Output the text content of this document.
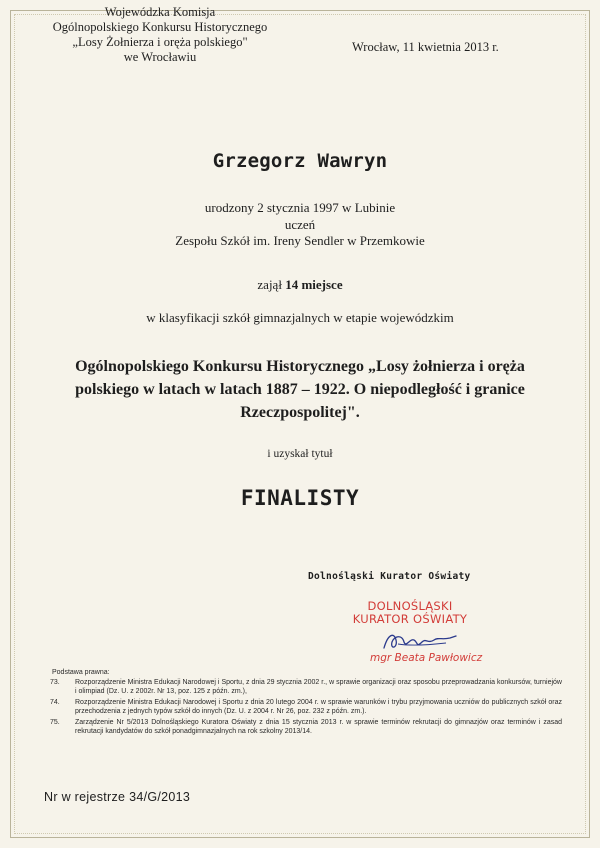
Wojewódzka Komisja
Ogólnopolskiego Konkursu Historycznego
„Losy Żołnierza i oręża polskiego"
we Wrocławiu
Wrocław, 11 kwietnia 2013 r.
Grzegorz Wawryn
urodzony 2 stycznia 1997 w Lubinie
uczeń
Zespołu Szkół im. Ireny Sendler w Przemkowie
zajął 14 miejsce
w klasyfikacji szkół gimnazjalnych w etapie wojewódzkim
Ogólnopolskiego Konkursu Historycznego „Losy żołnierza i oręża
polskiego w latach w latach 1887 – 1922. O niepodległość i granice
Rzeczpospolitej".
i uzyskał tytuł
FINALISTY
Dolnośląski Kurator Oświaty
DOLNOŚLĄSKI
KURATOR OŚWIATY
mgr Beata Pawłowicz
Podstawa prawna:
73.	Rozporządzenie Ministra Edukacji Narodowej i Sportu, z dnia 29 stycznia 2002 r., w sprawie organizacji oraz sposobu przeprowadzania konkursów, turniejów i olimpiad (Dz. U. z 2002r. Nr 13, poz. 125 z późn. zm.),
74.	Rozporządzenie Ministra Edukacji Narodowej i Sportu z dnia 20 lutego 2004 r. w sprawie warunków i trybu przyjmowania uczniów do publicznych szkół oraz przechodzenia z jednych typów szkół do innych (Dz. U. z 2004 r. Nr 26, poz. 232 z późn. zm.).
75.	Zarządzenie Nr 5/2013 Dolnośląskiego Kuratora Oświaty z dnia 15 stycznia 2013 r. w sprawie terminów rekrutacji do gimnazjów oraz terminów i zasad rekrutacji kandydatów do szkół ponadgimnazjalnych na rok szkolny 2013/14.
Nr w rejestrze 34/G/2013
